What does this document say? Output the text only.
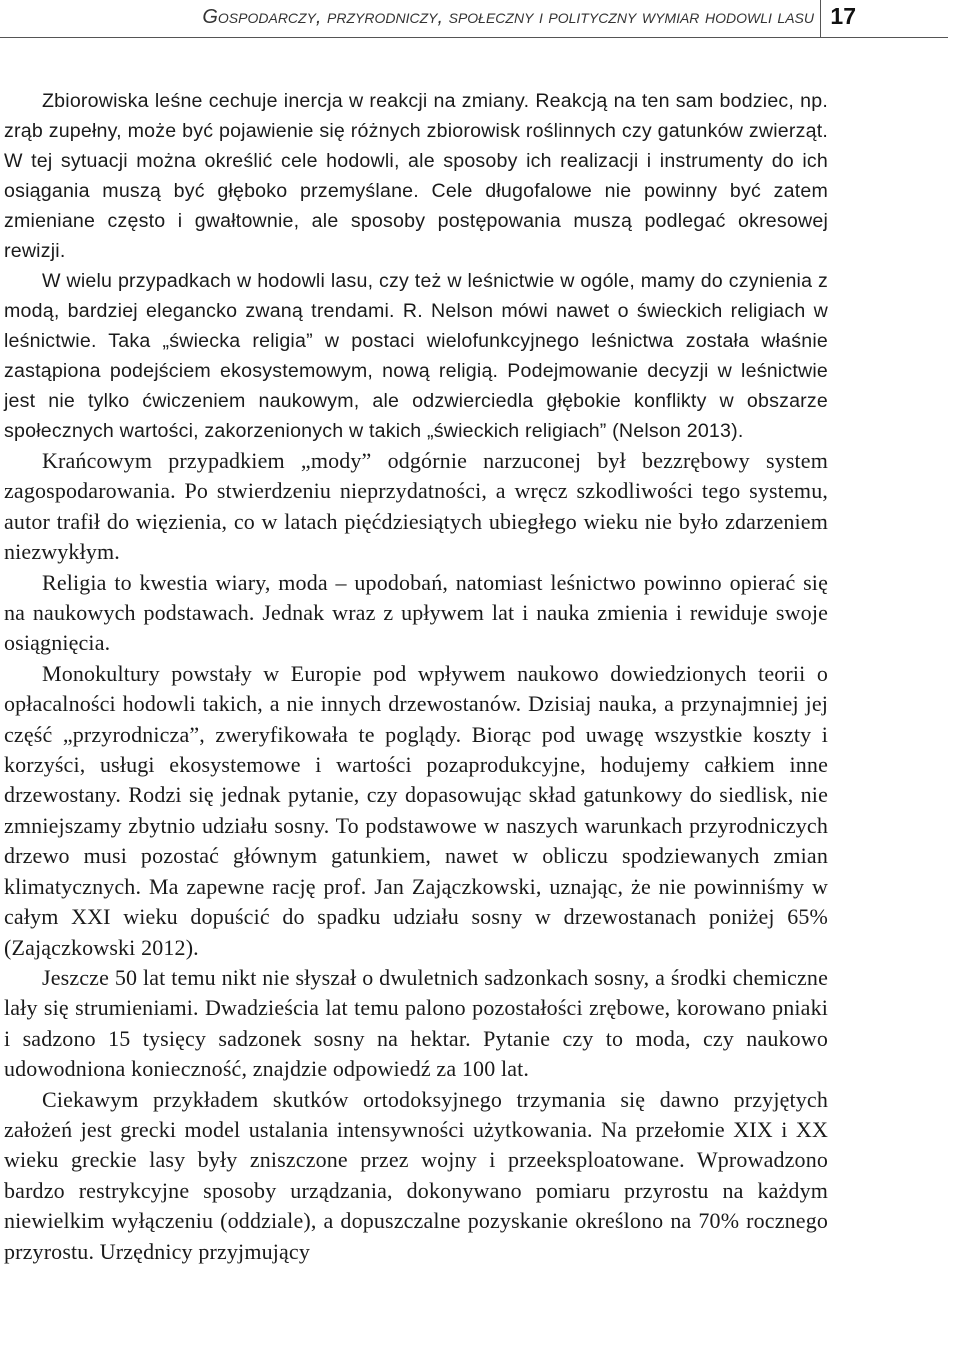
Gospodarczy, przyrodniczy, społeczny i polityczny wymiar hodowli lasu 17

Zbiorowiska leśne cechuje inercja w reakcji na zmiany. Reakcją na ten sam bodziec, np. zrąb zupełny, może być pojawienie się różnych zbiorowisk roślinnych czy gatunków zwierząt. W tej sytuacji można określić cele hodowli, ale sposoby ich realizacji i instrumenty do ich osiągania muszą być głęboko przemyślane. Cele długofalowe nie powinny być zatem zmieniane często i gwałtownie, ale sposoby postępowania muszą podlegać okresowej rewizji.

W wielu przypadkach w hodowli lasu, czy też w leśnictwie w ogóle, mamy do czynienia z modą, bardziej elegancko zwaną trendami. R. Nelson mówi nawet o świeckich religiach w leśnictwie. Taka „świecka religia” w postaci wielofunkcyjnego leśnictwa została właśnie zastąpiona podejściem ekosystemowym, nową religią. Podejmowanie decyzji w leśnictwie jest nie tylko ćwiczeniem naukowym, ale odzwierciedla głębokie konflikty w obszarze społecznych wartości, zakorzenionych w takich „świeckich religiach” (Nelson 2013).

Krańcowym przypadkiem „mody” odgórnie narzuconej był bezzrębowy system zagospodarowania. Po stwierdzeniu nieprzydatności, a wręcz szkodliwości tego systemu, autor trafił do więzienia, co w latach pięćdziesiątych ubiegłego wieku nie było zdarzeniem niezwykłym.

Religia to kwestia wiary, moda – upodobań, natomiast leśnictwo powinno opierać się na naukowych podstawach. Jednak wraz z upływem lat i nauka zmienia i rewiduje swoje osiągnięcia.

Monokultury powstały w Europie pod wpływem naukowo dowiedzionych teorii o opłacalności hodowli takich, a nie innych drzewostanów. Dzisiaj nauka, a przynajmniej jej część „przyrodnicza”, zweryfikowała te poglądy. Biorąc pod uwagę wszystkie koszty i korzyści, usługi ekosystemowe i wartości pozaprodukcyjne, hodujemy całkiem inne drzewostany. Rodzi się jednak pytanie, czy dopasowując skład gatunkowy do siedlisk, nie zmniejszamy zbytnio udziału sosny. To podstawowe w naszych warunkach przyrodniczych drzewo musi pozostać głównym gatunkiem, nawet w obliczu spodziewanych zmian klimatycznych. Ma zapewne rację prof. Jan Zajączkowski, uznając, że nie powinniśmy w całym XXI wieku dopuścić do spadku udziału sosny w drzewostanach poniżej 65% (Zajączkowski 2012).

Jeszcze 50 lat temu nikt nie słyszał o dwuletnich sadzonkach sosny, a środki chemiczne lały się strumieniami. Dwadzieścia lat temu palono pozostałości zrębowe, korowano pniaki i sadzono 15 tysięcy sadzonek sosny na hektar. Pytanie czy to moda, czy naukowo udowodniona konieczność, znajdzie odpowiedź za 100 lat.

Ciekawym przykładem skutków ortodoksyjnego trzymania się dawno przyjętych założeń jest grecki model ustalania intensywności użytkowania. Na przełomie XIX i XX wieku greckie lasy były zniszczone przez wojny i przeeksploatowane. Wprowadzono bardzo restrykcyjne sposoby urządzania, dokonywano pomiaru przyrostu na każdym niewielkim wyłączeniu (oddziale), a dopuszczalne pozyskanie określono na 70% rocznego przyrostu. Urzędnicy przyjmujący
